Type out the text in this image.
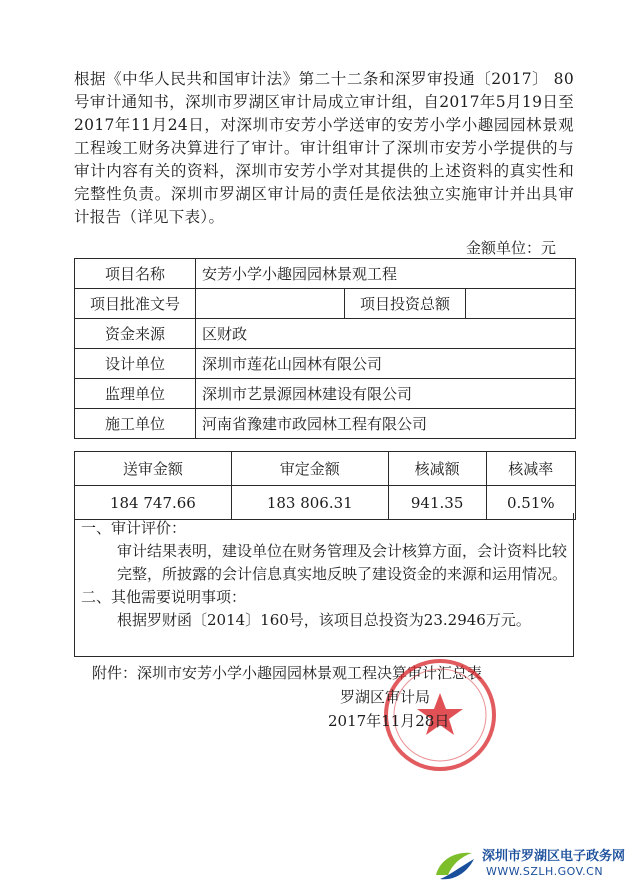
根据《中华人民共和国审计法》第二十二条和深罗审投通〔2017〕 80号审计通知书，深圳市罗湖区审计局成立审计组，自2017年5月19日至2017年11月24日，对深圳市安芳小学送审的安芳小学小趣园园林景观工程竣工财务决算进行了审计。审计组审计了深圳市安芳小学提供的与审计内容有关的资料，深圳市安芳小学对其提供的上述资料的真实性和完整性负责。深圳市罗湖区审计局的责任是依法独立实施审计并出具审计报告（详见下表）。
金额单位：元
项目名称	安芳小学小趣园园林景观工程		
项目批准文号		项目投资总额	
资金来源	区财政		
设计单位	深圳市莲花山园林有限公司		
监理单位	深圳市艺景源园林建设有限公司		
施工单位	河南省豫建市政园林工程有限公司		
送审金额	审定金额	核减额	核减率
184 747.66	183 806.31	941.35	0.51%
一、审计评价：
审计结果表明，建设单位在财务管理及会计核算方面，会计资料比较完整，所披露的会计信息真实地反映了建设资金的来源和运用情况。
二、其他需要说明事项：
根据罗财函〔2014〕160号，该项目总投资为23.2946万元。
附件：深圳市安芳小学小趣园园林景观工程决算审计汇总表
罗湖区审计局
2017年11月28日
深圳市罗湖区电子政务网
WWW.SZLH.GOV.CN
